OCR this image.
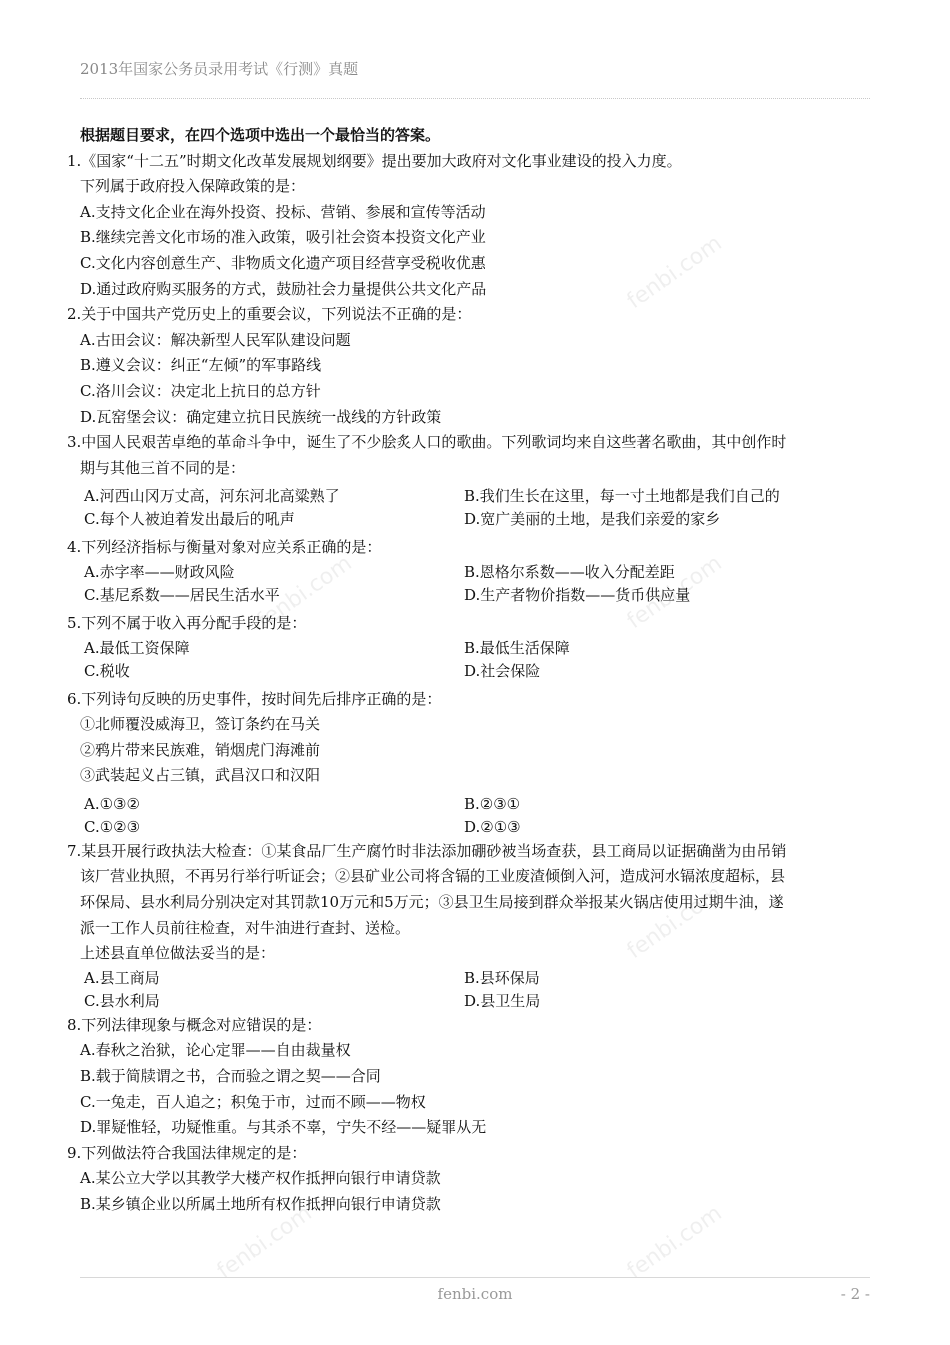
2013年国家公务员录用考试《行测》真题
fenbi.com
fenbi.com	fenbi.com
fenbi.com
fenbi.com	fenbi.com
根据题目要求，在四个选项中选出一个最恰当的答案。
1.《国家“十二五”时期文化改革发展规划纲要》提出要加大政府对文化事业建设的投入力度。
下列属于政府投入保障政策的是：
A.支持文化企业在海外投资、投标、营销、参展和宣传等活动
B.继续完善文化市场的准入政策，吸引社会资本投资文化产业
C.文化内容创意生产、非物质文化遗产项目经营享受税收优惠
D.通过政府购买服务的方式，鼓励社会力量提供公共文化产品
2.关于中国共产党历史上的重要会议，下列说法不正确的是：
A.古田会议：解决新型人民军队建设问题
B.遵义会议：纠正“左倾”的军事路线
C.洛川会议：决定北上抗日的总方针
D.瓦窑堡会议：确定建立抗日民族统一战线的方针政策
3.中国人民艰苦卓绝的革命斗争中，诞生了不少脍炙人口的歌曲。下列歌词均来自这些著名歌曲，其中创作时
期与其他三首不同的是：
A.河西山冈万丈高，河东河北高粱熟了	B.我们生长在这里，每一寸土地都是我们自己的
C.每个人被迫着发出最后的吼声	D.宽广美丽的土地，是我们亲爱的家乡
4.下列经济指标与衡量对象对应关系正确的是：
A.赤字率——财政风险	B.恩格尔系数——收入分配差距
C.基尼系数——居民生活水平	D.生产者物价指数——货币供应量
5.下列不属于收入再分配手段的是：
A.最低工资保障	B.最低生活保障
C.税收	D.社会保险
6.下列诗句反映的历史事件，按时间先后排序正确的是：
①北师覆没威海卫，签订条约在马关
②鸦片带来民族难，销烟虎门海滩前
③武装起义占三镇，武昌汉口和汉阳
A.①③②	B.②③①
C.①②③	D.②①③
7.某县开展行政执法大检查：①某食品厂生产腐竹时非法添加硼砂被当场查获，县工商局以证据确凿为由吊销
该厂营业执照，不再另行举行听证会；②县矿业公司将含镉的工业废渣倾倒入河，造成河水镉浓度超标，县
环保局、县水利局分别决定对其罚款10万元和5万元；③县卫生局接到群众举报某火锅店使用过期牛油，遂
派一工作人员前往检查，对牛油进行查封、送检。
上述县直单位做法妥当的是：
A.县工商局	B.县环保局
C.县水利局	D.县卫生局
8.下列法律现象与概念对应错误的是：
A.春秋之治狱，论心定罪——自由裁量权
B.载于简牍谓之书，合而验之谓之契——合同
C.一兔走，百人追之；积兔于市，过而不顾——物权
D.罪疑惟轻，功疑惟重。与其杀不辜，宁失不经——疑罪从无
9.下列做法符合我国法律规定的是：
A.某公立大学以其教学大楼产权作抵押向银行申请贷款
B.某乡镇企业以所属土地所有权作抵押向银行申请贷款
fenbi.com	- 2 -
